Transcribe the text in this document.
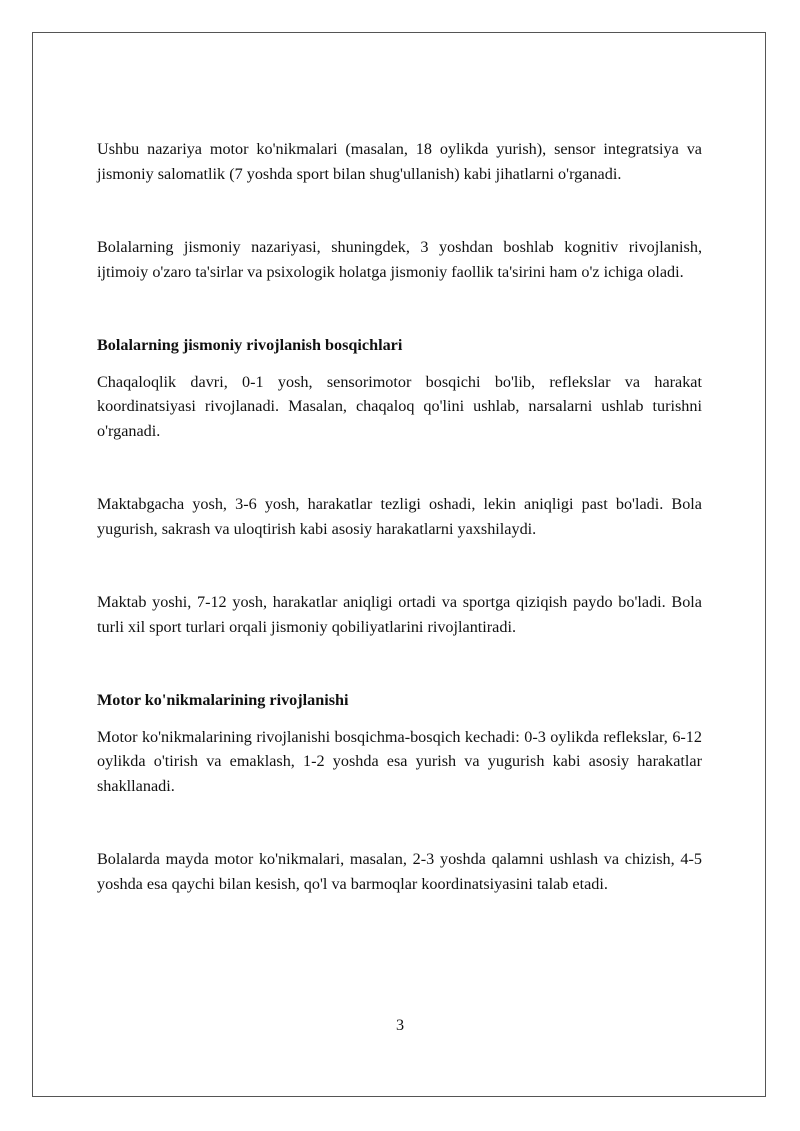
Ushbu nazariya motor ko'nikmalari (masalan, 18 oylikda yurish), sensor integratsiya va jismoniy salomatlik (7 yoshda sport bilan shug'ullanish) kabi jihatlarni o'rganadi.

Bolalarning jismoniy nazariyasi, shuningdek, 3 yoshdan boshlab kognitiv rivojlanish, ijtimoiy o'zaro ta'sirlar va psixologik holatga jismoniy faollik ta'sirini ham o'z ichiga oladi.

Bolalarning jismoniy rivojlanish bosqichlari

Chaqaloqlik davri, 0-1 yosh, sensorimotor bosqichi bo'lib, reflekslar va harakat koordinatsiyasi rivojlanadi. Masalan, chaqaloq qo'lini ushlab, narsalarni ushlab turishni o'rganadi.

Maktabgacha yosh, 3-6 yosh, harakatlar tezligi oshadi, lekin aniqligi past bo'ladi. Bola yugurish, sakrash va uloqtirish kabi asosiy harakatlarni yaxshilaydi.

Maktab yoshi, 7-12 yosh, harakatlar aniqligi ortadi va sportga qiziqish paydo bo'ladi. Bola turli xil sport turlari orqali jismoniy qobiliyatlarini rivojlantiradi.

Motor ko'nikmalarining rivojlanishi

Motor ko'nikmalarining rivojlanishi bosqichma-bosqich kechadi: 0-3 oylikda reflekslar, 6-12 oylikda o'tirish va emaklash, 1-2 yoshda esa yurish va yugurish kabi asosiy harakatlar shakllanadi.

Bolalarda mayda motor ko'nikmalari, masalan, 2-3 yoshda qalamni ushlash va chizish, 4-5 yoshda esa qaychi bilan kesish, qo'l va barmoqlar koordinatsiyasini talab etadi.

3
